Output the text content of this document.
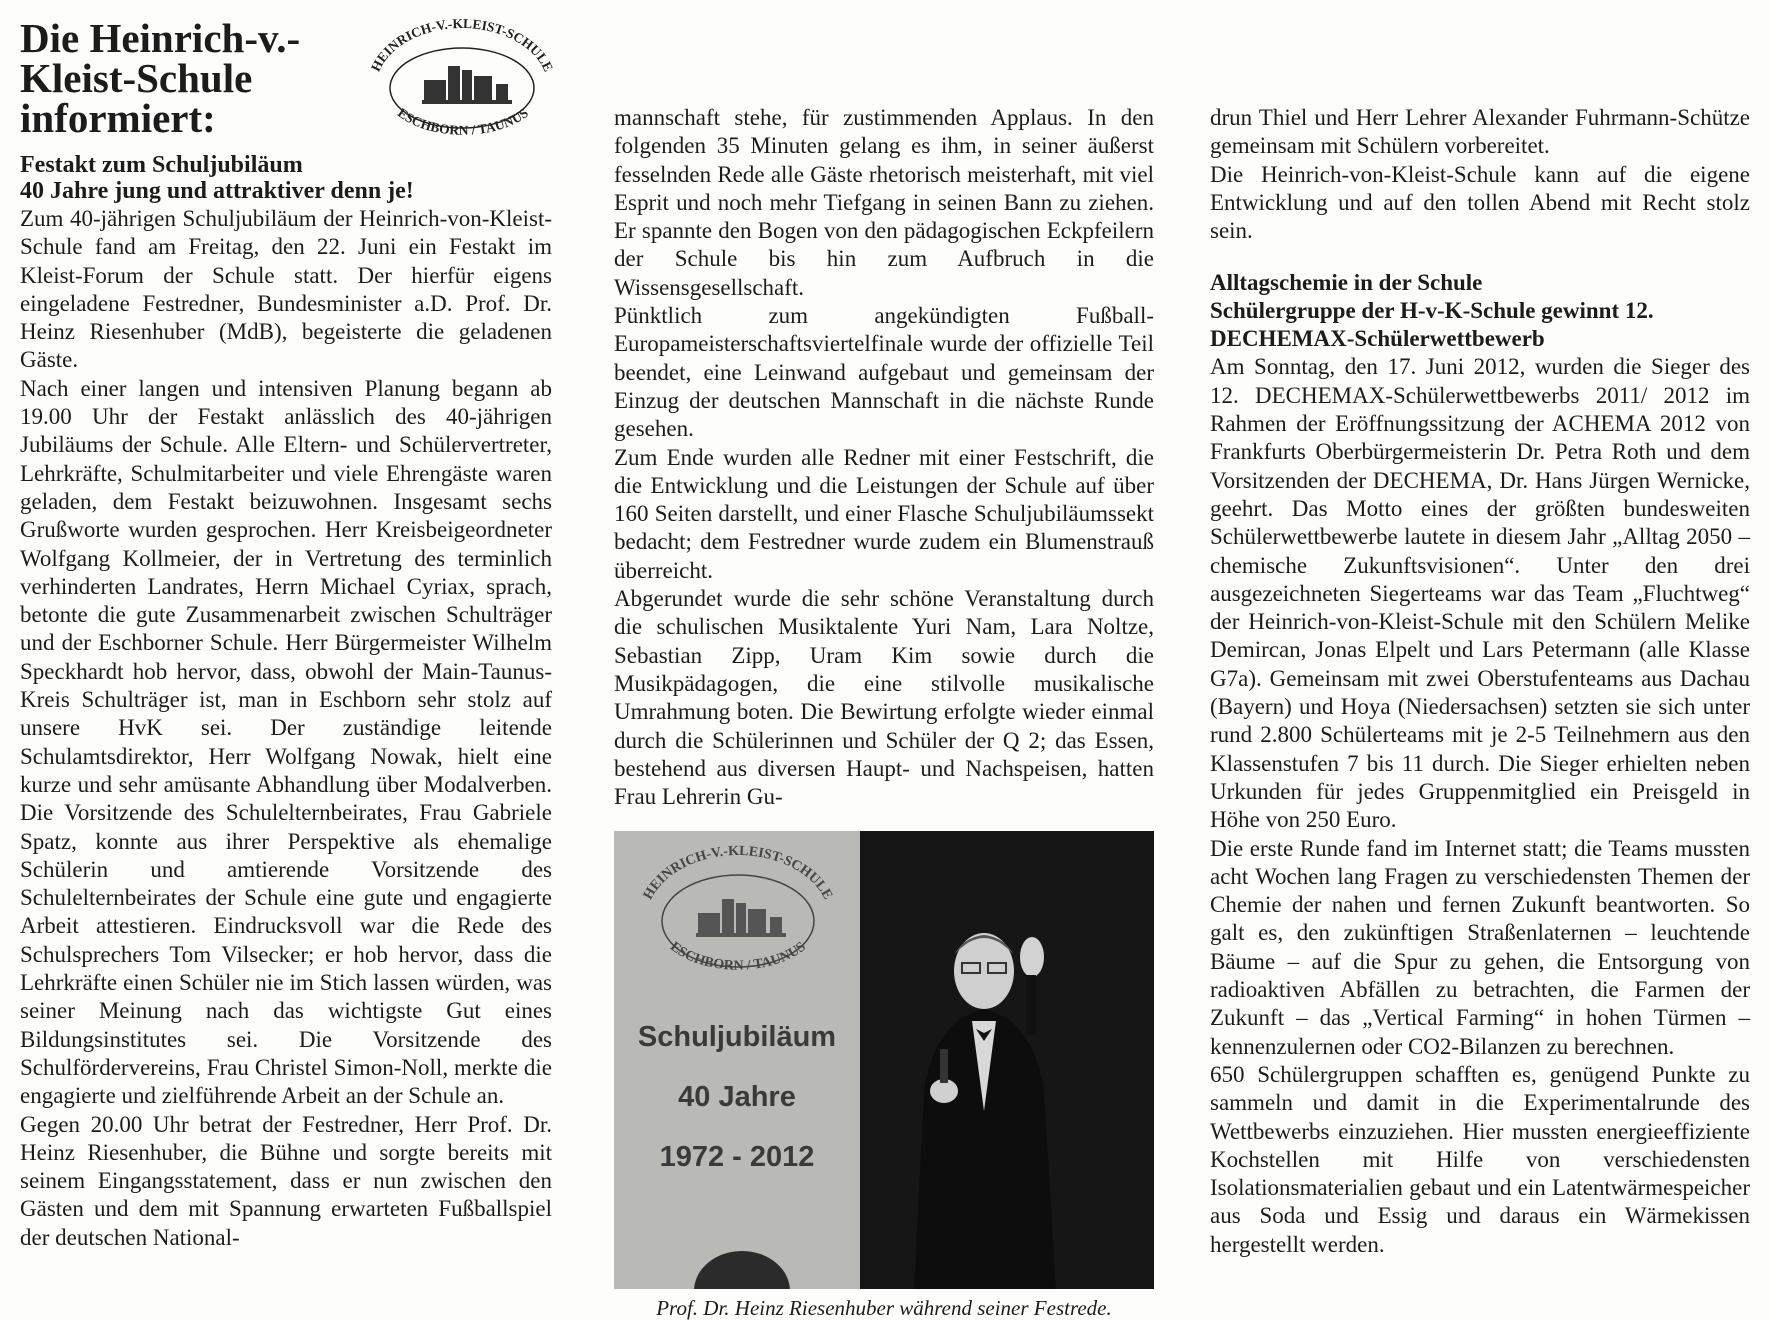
Die Heinrich-v.-
Kleist-Schule
informiert:
HEINRICH-V.-KLEIST-SCHULE
ESCHBORN / TAUNUS
Festakt zum Schuljubiläum
40 Jahre jung und attraktiver denn je!

Zum 40-jährigen Schuljubiläum der Heinrich-von-Kleist-Schule fand am Freitag, den 22. Juni ein Festakt im Kleist-Forum der Schule statt. Der hierfür eigens eingeladene Festredner, Bundesminister a.D. Prof. Dr. Heinz Riesenhuber (MdB), begeisterte die geladenen Gäste.

Nach einer langen und intensiven Planung begann ab 19.00 Uhr der Festakt anlässlich des 40-jährigen Jubiläums der Schule. Alle Eltern- und Schülervertreter, Lehrkräfte, Schulmitarbeiter und viele Ehrengäste waren geladen, dem Festakt beizuwohnen. Insgesamt sechs Grußworte wurden gesprochen. Herr Kreisbeigeordneter Wolfgang Kollmeier, der in Vertretung des terminlich verhinderten Landrates, Herrn Michael Cyriax, sprach, betonte die gute Zusammenarbeit zwischen Schulträger und der Eschborner Schule. Herr Bürgermeister Wilhelm Speckhardt hob hervor, dass, obwohl der Main-Taunus-Kreis Schulträger ist, man in Eschborn sehr stolz auf unsere HvK sei. Der zuständige leitende Schulamtsdirektor, Herr Wolfgang Nowak, hielt eine kurze und sehr amüsante Abhandlung über Modalverben. Die Vorsitzende des Schulelternbeirates, Frau Gabriele Spatz, konnte aus ihrer Perspektive als ehemalige Schülerin und amtierende Vorsitzende des Schulelternbeirates der Schule eine gute und engagierte Arbeit attestieren. Eindrucksvoll war die Rede des Schulsprechers Tom Vilsecker; er hob hervor, dass die Lehrkräfte einen Schüler nie im Stich lassen würden, was seiner Meinung nach das wichtigste Gut eines Bildungsinstitutes sei. Die Vorsitzende des Schulfördervereins, Frau Christel Simon-Noll, merkte die engagierte und zielführende Arbeit an der Schule an.

Gegen 20.00 Uhr betrat der Festredner, Herr Prof. Dr. Heinz Riesenhuber, die Bühne und sorgte bereits mit seinem Eingangsstatement, dass er nun zwischen den Gästen und dem mit Spannung erwarteten Fußballspiel der deutschen National-

mannschaft stehe, für zustimmenden Applaus. In den folgenden 35 Minuten gelang es ihm, in seiner äußerst fesselnden Rede alle Gäste rhetorisch meisterhaft, mit viel Esprit und noch mehr Tiefgang in seinen Bann zu ziehen. Er spannte den Bogen von den pädagogischen Eckpfeilern der Schule bis hin zum Aufbruch in die Wissensgesellschaft.

Pünktlich zum angekündigten Fußball-Europameisterschaftsviertelfinale wurde der offizielle Teil beendet, eine Leinwand aufgebaut und gemeinsam der Einzug der deutschen Mannschaft in die nächste Runde gesehen.

Zum Ende wurden alle Redner mit einer Festschrift, die die Entwicklung und die Leistungen der Schule auf über 160 Seiten darstellt, und einer Flasche Schuljubiläumssekt bedacht; dem Festredner wurde zudem ein Blumenstrauß überreicht.

Abgerundet wurde die sehr schöne Veranstaltung durch die schulischen Musiktalente Yuri Nam, Lara Noltze, Sebastian Zipp, Uram Kim sowie durch die Musikpädagogen, die eine stilvolle musikalische Umrahmung boten. Die Bewirtung erfolgte wieder einmal durch die Schülerinnen und Schüler der Q 2; das Essen, bestehend aus diversen Haupt- und Nachspeisen, hatten Frau Lehrerin Gu-

HEINRICH-V.-KLEIST-SCHULE
ESCHBORN / TAUNUS
Schuljubiläum
40 Jahre
1972 - 2012
Prof. Dr. Heinz Riesenhuber während seiner Festrede.

drun Thiel und Herr Lehrer Alexander Fuhrmann-Schütze gemeinsam mit Schülern vorbereitet.

Die Heinrich-von-Kleist-Schule kann auf die eigene Entwicklung und auf den tollen Abend mit Recht stolz sein.

Alltagschemie in der Schule
Schülergruppe der H-v-K-Schule gewinnt 12. DECHEMAX-Schülerwettbewerb

Am Sonntag, den 17. Juni 2012, wurden die Sieger des 12. DECHEMAX-Schülerwettbewerbs 2011/ 2012 im Rahmen der Eröffnungssitzung der ACHEMA 2012 von Frankfurts Oberbürgermeisterin Dr. Petra Roth und dem Vorsitzenden der DECHEMA, Dr. Hans Jürgen Wernicke, geehrt. Das Motto eines der größten bundesweiten Schülerwettbewerbe lautete in diesem Jahr „Alltag 2050 – chemische Zukunftsvisionen“. Unter den drei ausgezeichneten Siegerteams war das Team „Fluchtweg“ der Heinrich-von-Kleist-Schule mit den Schülern Melike Demircan, Jonas Elpelt und Lars Petermann (alle Klasse G7a). Gemeinsam mit zwei Oberstufenteams aus Dachau (Bayern) und Hoya (Niedersachsen) setzten sie sich unter rund 2.800 Schülerteams mit je 2-5 Teilnehmern aus den Klassenstufen 7 bis 11 durch. Die Sieger erhielten neben Urkunden für jedes Gruppenmitglied ein Preisgeld in Höhe von 250 Euro.

Die erste Runde fand im Internet statt; die Teams mussten acht Wochen lang Fragen zu verschiedensten Themen der Chemie der nahen und fernen Zukunft beantworten. So galt es, den zukünftigen Straßenlaternen – leuchtende Bäume – auf die Spur zu gehen, die Entsorgung von radioaktiven Abfällen zu betrachten, die Farmen der Zukunft – das „Vertical Farming“ in hohen Türmen – kennenzulernen oder CO2-Bilanzen zu berechnen.

650 Schülergruppen schafften es, genügend Punkte zu sammeln und damit in die Experimentalrunde des Wettbewerbs einzuziehen. Hier mussten energieeffiziente Kochstellen mit Hilfe von verschiedensten Isolationsmaterialien gebaut und ein Latentwärmespeicher aus Soda und Essig und daraus ein Wärmekissen hergestellt werden.
